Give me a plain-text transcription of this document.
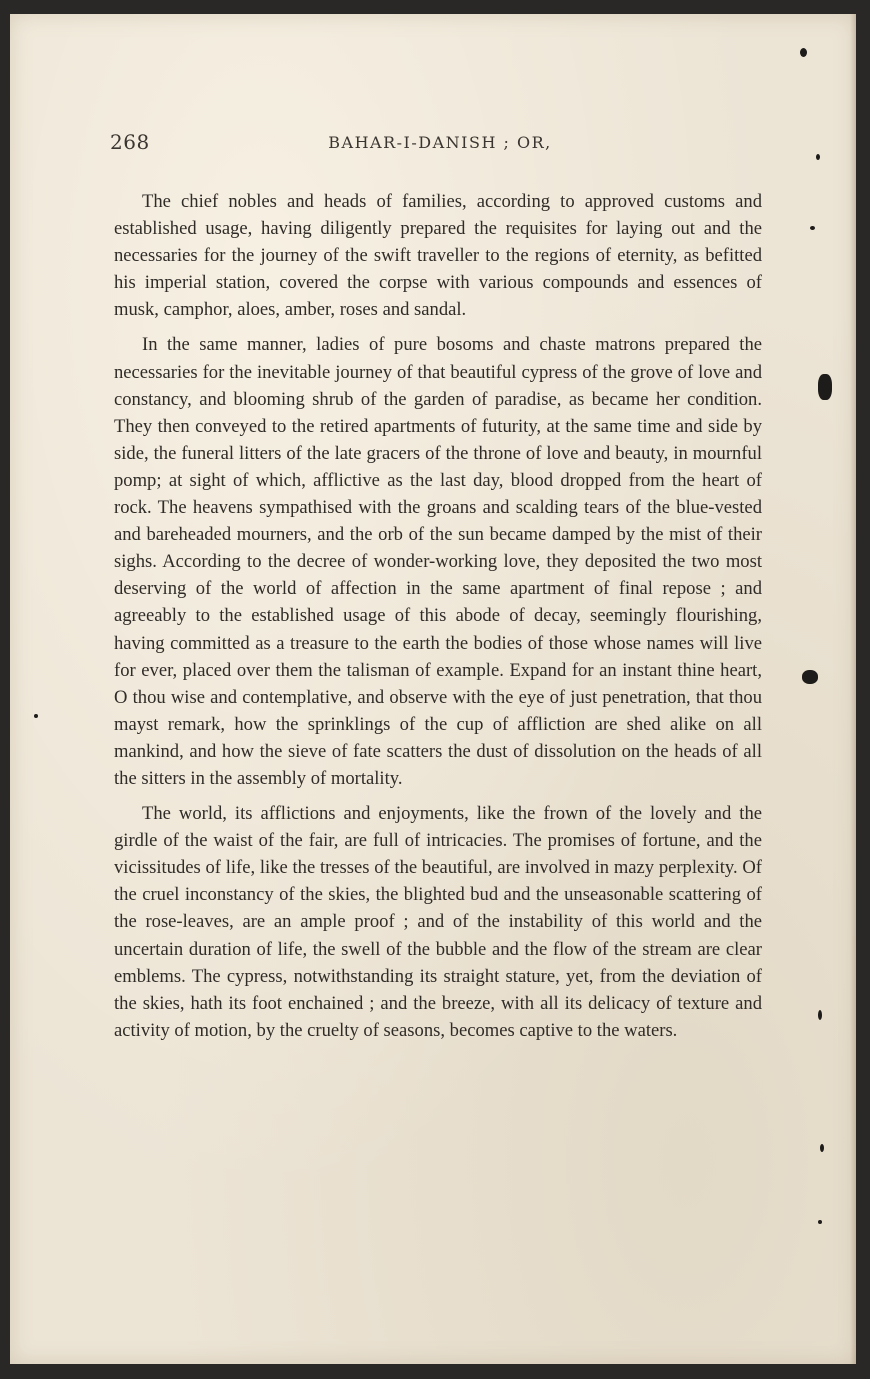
268	BAHAR-I-DANISH ; OR,

The chief nobles and heads of families, according to approved customs and established usage, having diligently prepared the requisites for laying out and the necessaries for the journey of the swift traveller to the regions of eternity, as befitted his imperial station, covered the corpse with various compounds and essences of musk, camphor, aloes, amber, roses and sandal.

In the same manner, ladies of pure bosoms and chaste matrons prepared the necessaries for the inevitable journey of that beautiful cypress of the grove of love and constancy, and blooming shrub of the garden of paradise, as became her condition. They then conveyed to the retired apartments of futurity, at the same time and side by side, the funeral litters of the late gracers of the throne of love and beauty, in mournful pomp; at sight of which, afflictive as the last day, blood dropped from the heart of rock. The heavens sympathised with the groans and scalding tears of the blue-vested and bareheaded mourners, and the orb of the sun became damped by the mist of their sighs. According to the decree of wonder-working love, they deposited the two most deserving of the world of affection in the same apartment of final repose ; and agreeably to the established usage of this abode of decay, seemingly flourishing, having committed as a treasure to the earth the bodies of those whose names will live for ever, placed over them the talisman of example. Expand for an instant thine heart, O thou wise and contemplative, and observe with the eye of just penetration, that thou mayst remark, how the sprinklings of the cup of affliction are shed alike on all mankind, and how the sieve of fate scatters the dust of dissolution on the heads of all the sitters in the assembly of mortality.

The world, its afflictions and enjoyments, like the frown of the lovely and the girdle of the waist of the fair, are full of intricacies. The promises of fortune, and the vicissitudes of life, like the tresses of the beautiful, are involved in mazy perplexity. Of the cruel inconstancy of the skies, the blighted bud and the unseasonable scattering of the rose-leaves, are an ample proof ; and of the instability of this world and the uncertain duration of life, the swell of the bubble and the flow of the stream are clear emblems. The cypress, notwithstanding its straight stature, yet, from the deviation of the skies, hath its foot enchained ; and the breeze, with all its delicacy of texture and activity of motion, by the cruelty of seasons, becomes captive to the waters.
